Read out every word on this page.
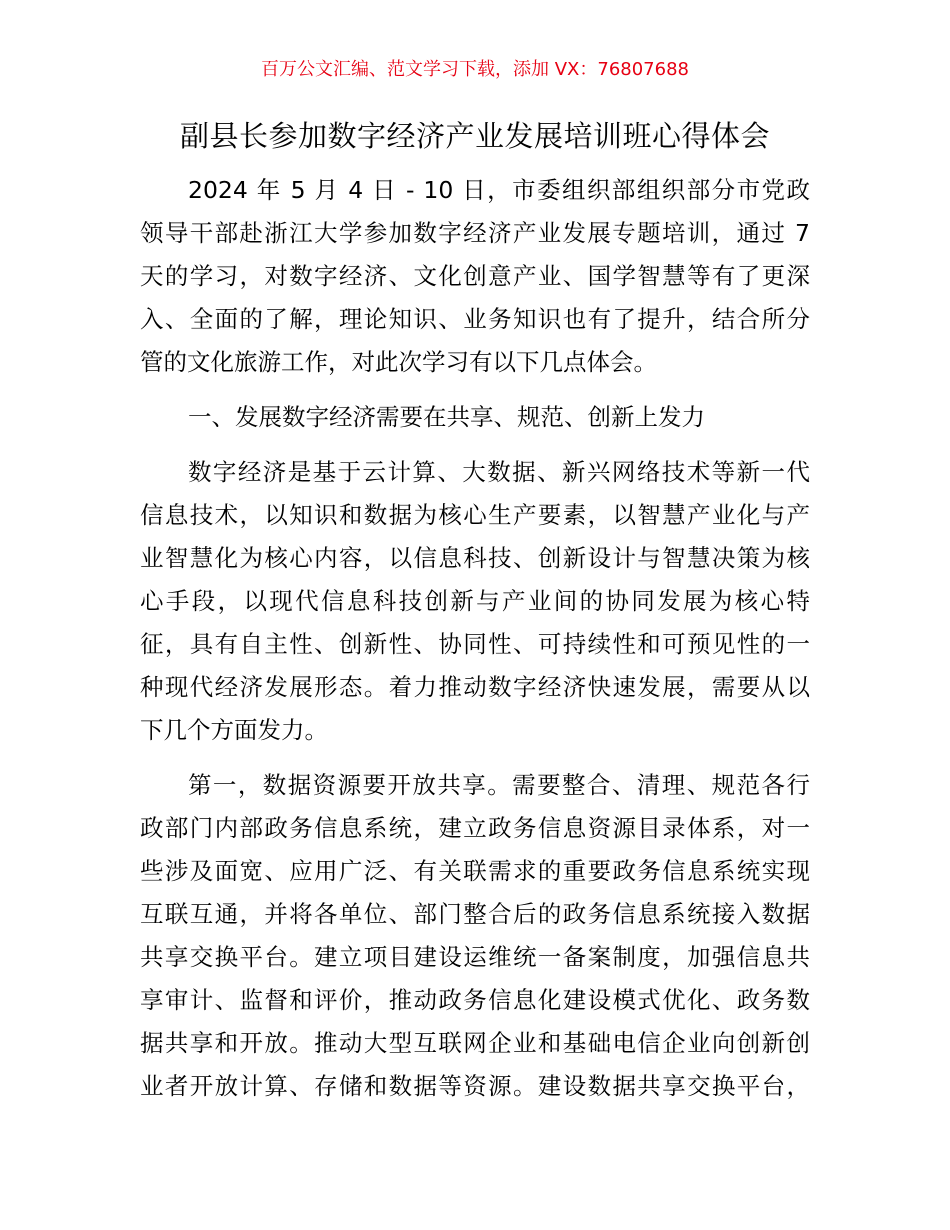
百万公文汇编、范文学习下载，添加 VX：76807688
副县长参加数字经济产业发展培训班心得体会
2024 年 5 月 4 日 - 10 日，市委组织部组织部分市党政
领导干部赴浙江大学参加数字经济产业发展专题培训，通过 7
天的学习，对数字经济、文化创意产业、国学智慧等有了更深
入、全面的了解，理论知识、业务知识也有了提升，结合所分
管的文化旅游工作，对此次学习有以下几点体会。
一、发展数字经济需要在共享、规范、创新上发力
数字经济是基于云计算、大数据、新兴网络技术等新一代
信息技术，以知识和数据为核心生产要素，以智慧产业化与产
业智慧化为核心内容，以信息科技、创新设计与智慧决策为核
心手段，以现代信息科技创新与产业间的协同发展为核心特
征，具有自主性、创新性、协同性、可持续性和可预见性的一
种现代经济发展形态。着力推动数字经济快速发展，需要从以
下几个方面发力。
第一，数据资源要开放共享。需要整合、清理、规范各行
政部门内部政务信息系统，建立政务信息资源目录体系，对一
些涉及面宽、应用广泛、有关联需求的重要政务信息系统实现
互联互通，并将各单位、部门整合后的政务信息系统接入数据
共享交换平台。建立项目建设运维统一备案制度，加强信息共
享审计、监督和评价，推动政务信息化建设模式优化、政务数
据共享和开放。推动大型互联网企业和基础电信企业向创新创
业者开放计算、存储和数据等资源。建设数据共享交换平台，
